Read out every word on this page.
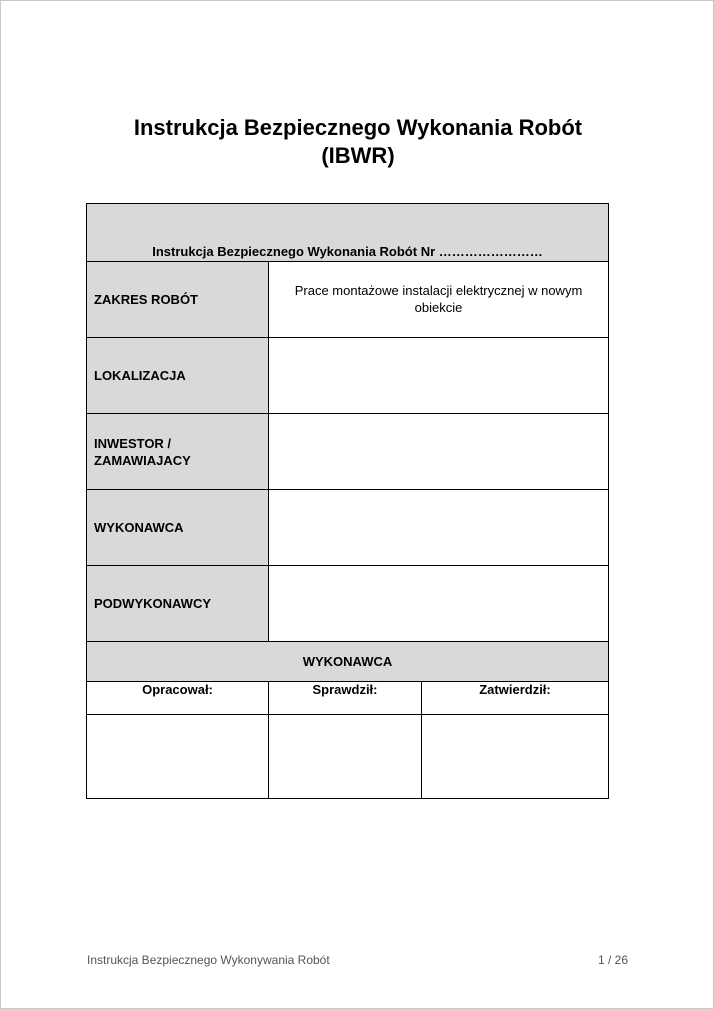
Instrukcja Bezpiecznego Wykonania Robót
(IBWR)
Instrukcja Bezpiecznego Wykonania Robót Nr ……………………		
ZAKRES ROBÓT	Prace montażowe instalacji elektrycznej w nowym obiekcie	
LOKALIZACJA		
INWESTOR / ZAMAWIAJACY		
WYKONAWCA		
PODWYKONAWCY		
WYKONAWCA		
Opracował:	Sprawdził:	Zatwierdził:

Instrukcja Bezpiecznego Wykonywania Robót	1 / 26
